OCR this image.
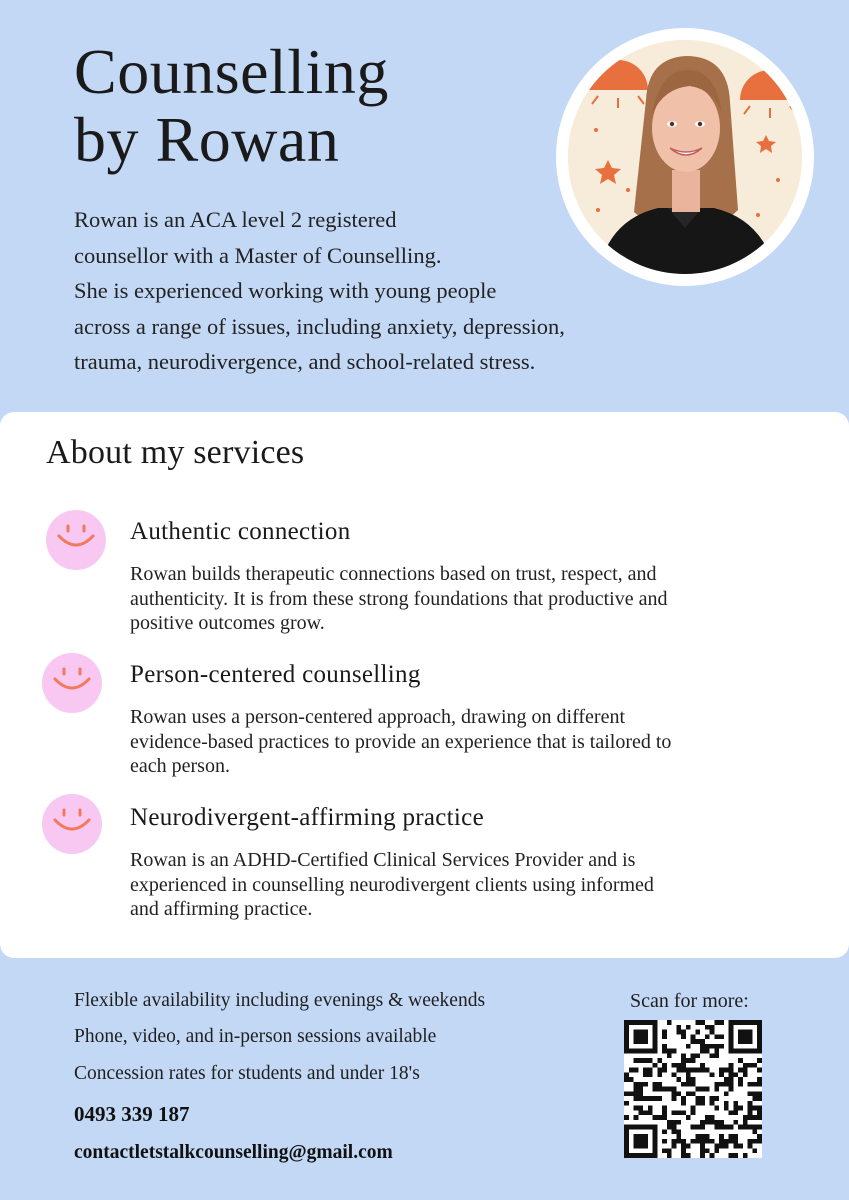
Counselling
by Rowan
Rowan is an ACA level 2 registered
counsellor with a Master of Counselling.
She is experienced working with young people
across a range of issues, including anxiety, depression,
trauma, neurodivergence, and school-related stress.
About my services
Authentic connection
Rowan builds therapeutic connections based on trust, respect, and
authenticity. It is from these strong foundations that productive and
positive outcomes grow.
Person-centered counselling
Rowan uses a person-centered approach, drawing on different
evidence-based practices to provide an experience that is tailored to
each person.
Neurodivergent-affirming practice
Rowan is an ADHD-Certified Clinical Services Provider and is
experienced in counselling neurodivergent clients using informed
and affirming practice.
Flexible availability including evenings & weekends
Phone, video, and in-person sessions available
Concession rates for students and under 18's
0493 339 187
contactletstalkcounselling@gmail.com
Scan for more:
